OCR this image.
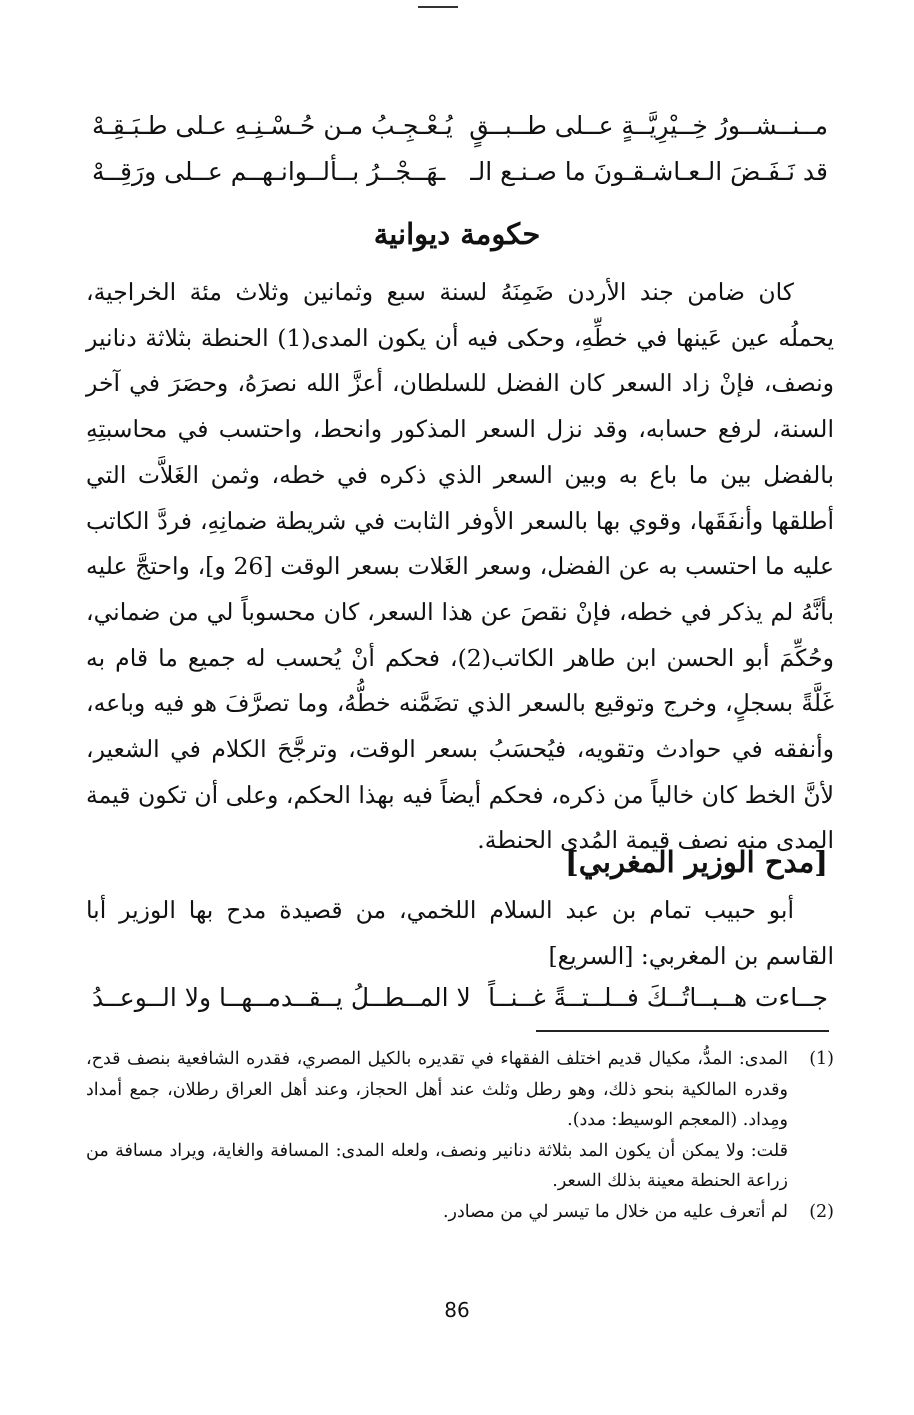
مــنــشــورُ خِــيْرِيَّــةٍ عــلى طــبــقٍ
يُـعْـجِـبُ مـن حُـسْـنِـهِ عـلى طـبَـقِـهْ
قد نَـفَـضَ الـعـاشـقـونَ ما صـنـع الـ
ـهَــجْــرُ بــألــوانـهــم عــلى ورَقِــهْ
حكومة ديوانية

كان ضامن جند الأردن ضَمِنَهُ لسنة سبع وثمانين وثلاث مئة الخراجية، يحملُه عين عَينها في خطِّهِ، وحكى فيه أن يكون المدى(1) الحنطة بثلاثة دنانير ونصف، فإنْ زاد السعر كان الفضل للسلطان، أعزَّ الله نصرَهُ، وحصَرَ في آخر السنة، لرفع حسابه، وقد نزل السعر المذكور وانحط، واحتسب في محاسبتِهِ بالفضل بين ما باع به وبين السعر الذي ذكره في خطه، وثمن الغَلاَّت التي أطلقها وأنفَقَها، وقوي بها بالسعر الأوفر الثابت في شريطة ضمانِهِ، فردَّ الكاتب عليه ما احتسب به عن الفضل، وسعر الغَلات بسعر الوقت [26 و]، واحتجَّ عليه بأنَّهُ لم يذكر في خطه، فإنْ نقصَ عن هذا السعر، كان محسوباً لي من ضماني، وحُكِّمَ أبو الحسن ابن طاهر الكاتب(2)، فحكم أنْ يُحسب له جميع ما قام به غَلَّةً بسجلٍ، وخرج وتوقيع بالسعر الذي تضَمَّنه خطُّهُ، وما تصرَّفَ هو فيه وباعه، وأنفقه في حوادث وتقويه، فيُحسَبُ بسعر الوقت، وترجَّحَ الكلام في الشعير، لأنَّ الخط كان خالياً من ذكره، فحكم أيضاً فيه بهذا الحكم، وعلى أن تكون قيمة المدى منه نصف قيمة المُدى الحنطة.

[مدح الوزير المغربي]

أبو حبيب تمام بن عبد السلام اللخمي، من قصيدة مدح بها الوزير أبا القاسم بن المغربي: [السريع]

جــاءت هــبــاتُــكَ فــلــتــةً غــنــاً
لا المــطــلُ يــقــدمــهــا ولا الــوعــدُ
(1)

المدى: المدُّ، مكيال قديم اختلف الفقهاء في تقديره بالكيل المصري، فقدره الشافعية بنصف قدح، وقدره المالكية بنحو ذلك، وهو رطل وثلث عند أهل الحجاز، وعند أهل العراق رطلان، جمع أمداد ومِداد. (المعجم الوسيط: مدد).

قلت: ولا يمكن أن يكون المد بثلاثة دنانير ونصف، ولعله المدى: المسافة والغاية، ويراد مسافة من زراعة الحنطة معينة بذلك السعر.

(2)

لم أتعرف عليه من خلال ما تيسر لي من مصادر.

86
